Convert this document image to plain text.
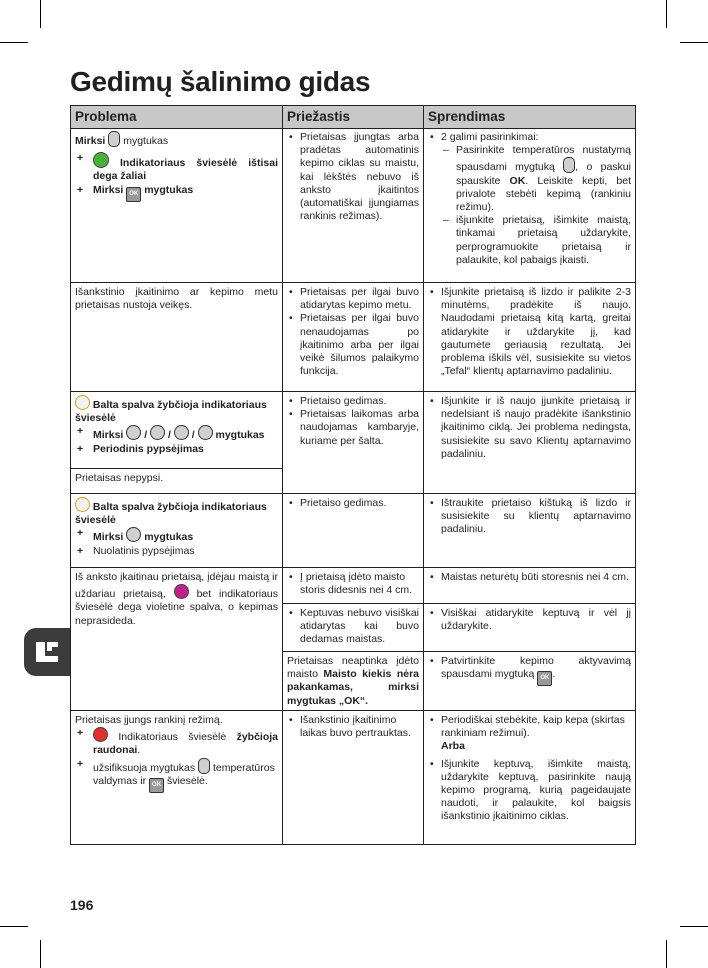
Gedimų šalinimo gidas
Problema	Priežastis	Sprendimas

Mirksi mygtukas

+ Indikatoriaus šviesėlė ištisai dega žaliai

+ Mirksi OK mygtukas

• Prietaisas įjungtas arba pradėtas automatinis kepimo ciklas su maistu, kai lėkštės nebuvo iš anksto įkaitintos (automatiškai įjungiamas rankinis režimas).

• 2 galimi pasirinkimai:

– Pasirinkite temperatūros nustatymą spausdami mygtuką , o paskui spauskite OK. Leiskite kepti, bet privalote stebėti kepimą (rankiniu režimu).

– išjunkite prietaisą, išimkite maistą, tinkamai prietaisą uždarykite, perprogramuokite prietaisą ir palaukite, kol pabaigs įkaisti.

Išankstinio įkaitinimo ar kepimo metu prietaisas nustoja veikęs.

• Prietaisas per ilgai buvo atidarytas kepimo metu.

• Prietaisas per ilgai buvo nenaudojamas po įkaitinimo arba per ilgai veikė šilumos palaikymo funkcija.

• Išjunkite prietaisą iš lizdo ir palikite 2-3 minutėms, pradėkite iš naujo. Naudodami prietaisą kitą kartą, greitai atidarykite ir uždarykite jį, kad gautumėte geriausią rezultatą. Jei problema iškils vėl, susisiekite su vietos „Tefal“ klientų aptarnavimo padaliniu.

Balta spalva žybčioja indikatoriaus šviesėlė

+ Mirksi / / / mygtukas

+ Periodinis pypsėjimas

Prietaisas nepypsi.

• Prietaiso gedimas.

• Prietaisas laikomas arba naudojamas kambaryje, kuriame per šalta.

• Išjunkite ir iš naujo įjunkite prietaisą ir nedelsiant iš naujo pradėkite išankstinio įkaitinimo ciklą. Jei problema nedingsta, susisiekite su savo Klientų aptarnavimo padaliniu.

Balta spalva žybčioja indikatoriaus šviesėlė

+ Mirksi mygtukas

+ Nuolatinis pypsėjimas

• Prietaiso gedimas.

•	Ištraukite prietaiso kištuką iš lizdo ir susisiekite su klientų aptarnavimo padaliniu.

Iš anksto įkaitinau prietaisą, įdėjau maistą ir uždariau prietaisą,	bet indikatoriaus šviesėlė dega violetine spalva, o kepimas neprasideda.

• Į prietaisą įdėto maisto storis didesnis nei 4 cm.

• Maistas neturėtų būti storesnis nei 4 cm.

• Keptuvas nebuvo visiškai atidarytas kai buvo dedamas maistas.

• Visiškai atidarykite keptuvą ir vėl jį uždarykite.

Prietaisas neaptinka įdėto maisto Maisto kiekis nėra pakankamas, mirksi mygtukas „OK“.

• Patvirtinkite kepimo aktyvavimą spausdami mygtuką OK .

Prietaisas įjungs rankinį režimą.

+ Indikatoriaus šviesėlė žybčioja raudonai.

+ užsifiksuoja mygtukas temperatūros valdymas ir OK šviesėlė.

• Išankstinio įkaitinimo laikas buvo pertrauktas.

• Periodiškai stebėkite, kaip kepa (skirtas rankiniam režimui).
Arba

• Išjunkite keptuvą, išimkite maistą, uždarykite keptuvą, pasirinkite naują kepimo programą, kurią pageidaujate naudoti, ir palaukite, kol baigsis išankstinio įkaitinimo ciklas.

196
